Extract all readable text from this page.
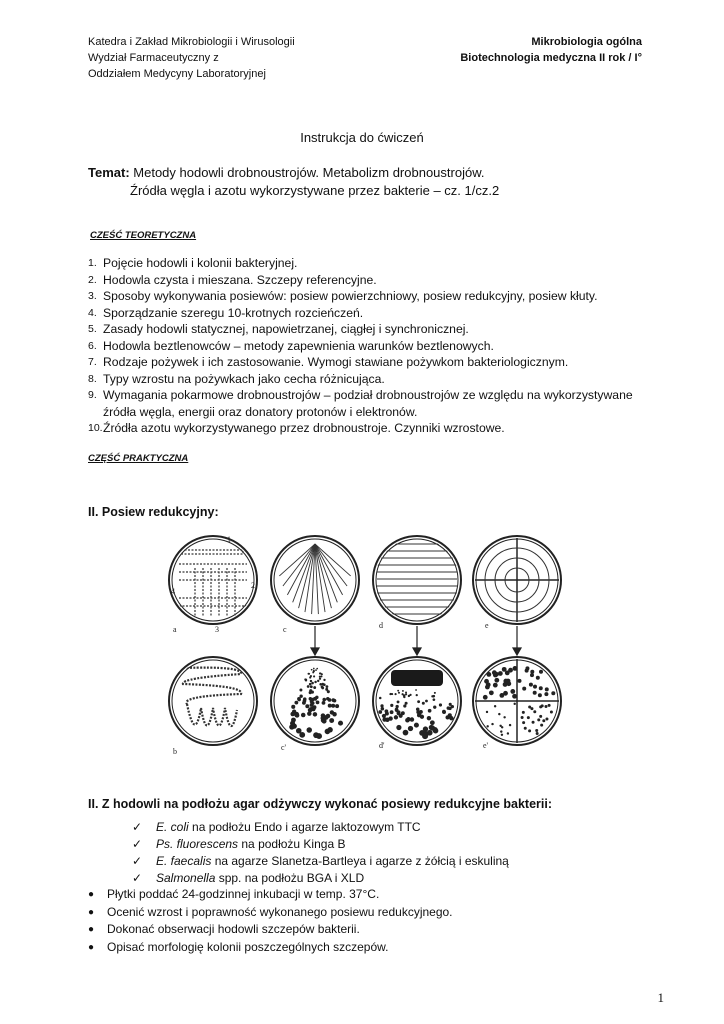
Katedra i Zakład Mikrobiologii i Wirusologii
Wydział Farmaceutyczny z
Oddziałem Medycyny Laboratoryjnej
Mikrobiologia ogólna
Biotechnologia medyczna II rok / I°
Instrukcja do ćwiczeń
Temat: Metody hodowli drobnoustrojów. Metabolizm drobnoustrojów.
Źródła węgla i azotu wykorzystywane przez bakterie – cz. 1/cz.2
CZEŚĆ TEORETYCZNA
1. Pojęcie hodowli i kolonii bakteryjnej.
2. Hodowla czysta i mieszana. Szczepy referencyjne.
3. Sposoby wykonywania posiewów: posiew powierzchniowy, posiew redukcyjny, posiew kłuty.
4. Sporządzanie szeregu 10-krotnych rozcieńczeń.
5. Zasady hodowli statycznej, napowietrzanej, ciągłej i synchronicznej.
6. Hodowla beztlenowców – metody zapewnienia warunków beztlenowych.
7. Rodzaje pożywek i ich zastosowanie. Wymogi stawiane pożywkom bakteriologicznym.
8. Typy wzrostu na pożywkach jako cecha różnicująca.
9. Wymagania pokarmowe drobnoustrojów – podział drobnoustrojów ze względu na wykorzystywane źródła węgla, energii oraz donatory protonów i elektronów.
10. Źródła azotu wykorzystywanego przez drobnoustroje. Czynniki wzrostowe.
CZĘŚĆ PRAKTYCZNA
II. Posiew redukcyjny:
a
1
2
3
4
c	d	e
b	c'	d'	e'
II. Z hodowli na podłożu agar odżywczy wykonać posiewy redukcyjne bakterii:
✓	E. coli na podłożu Endo i agarze laktozowym TTC
✓	Ps. fluorescens na podłożu Kinga B
✓	E. faecalis na agarze Slanetza-Bartleya i agarze z żółcią i eskuliną
✓	Salmonella spp. na podłożu BGA i XLD
●	Płytki poddać 24-godzinnej inkubacji w temp. 37°C.
●	Ocenić wzrost i poprawność wykonanego posiewu redukcyjnego.
●	Dokonać obserwacji hodowli szczepów bakterii.
●	Opisać morfologię kolonii poszczególnych szczepów.
1
